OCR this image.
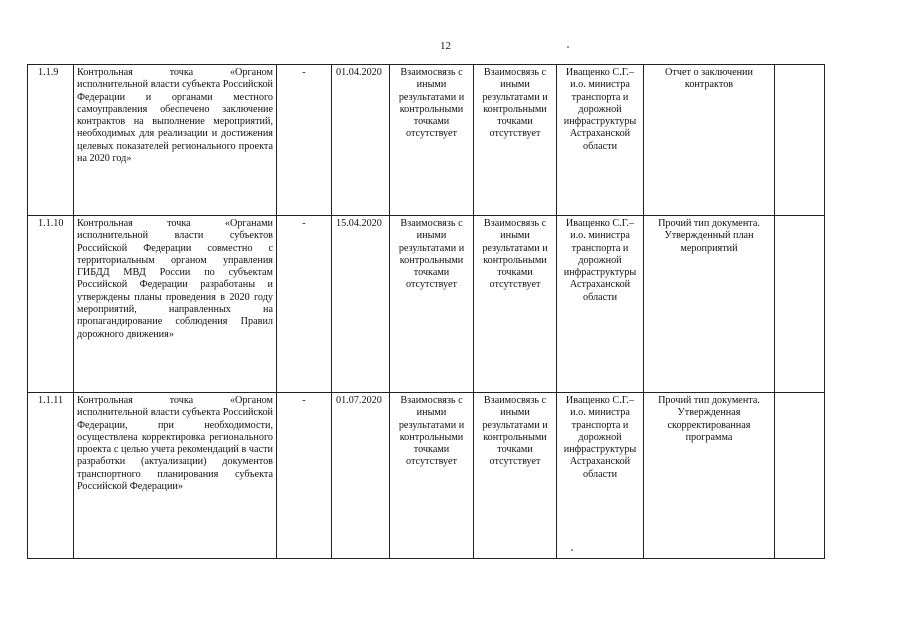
12
1.1.9	Контрольная точка «Органом исполнительной власти субъекта Российской Федерации и органами местного самоуправления обеспечено заключение контрактов на выполнение мероприятий, необходимых для реализации и достижения целевых показателей регионального проекта на 2020 год»	-	01.04.2020	Взаимосвязь с иными результатами и контрольными точками отсутствует	Взаимосвязь с иными результатами и контрольными точками отсутствует	Иващенко С.Г.– и.о. министра транспорта и дорожной инфраструктуры Астраханской области	Отчет о заключении контрактов	
1.1.10	Контрольная точка «Органами исполнительной власти субъектов Российской Федерации совместно с территориальным органом управления ГИБДД МВД России по субъектам Российской Федерации разработаны и утверждены планы проведения в 2020 году мероприятий, направленных на пропагандирование соблюдения Правил дорожного движения»	-	15.04.2020	Взаимосвязь с иными результатами и контрольными точками отсутствует	Взаимосвязь с иными результатами и контрольными точками отсутствует	Иващенко С.Г.– и.о. министра транспорта и дорожной инфраструктуры Астраханской области	Прочий тип документа. Утвержденный план мероприятий	
1.1.11	Контрольная точка «Органом исполнительной власти субъекта Российской Федерации, при необходимости, осуществлена корректировка регионального проекта с целью учета рекомендаций в части разработки (актуализации) документов транспортного планирования субъекта Российской Федерации»	-	01.07.2020	Взаимосвязь с иными результатами и контрольными точками отсутствует	Взаимосвязь с иными результатами и контрольными точками отсутствует	Иващенко С.Г.– и.о. министра транспорта и дорожной инфраструктуры Астраханской области	Прочий тип документа. Утвержденная скорректированная программа	
